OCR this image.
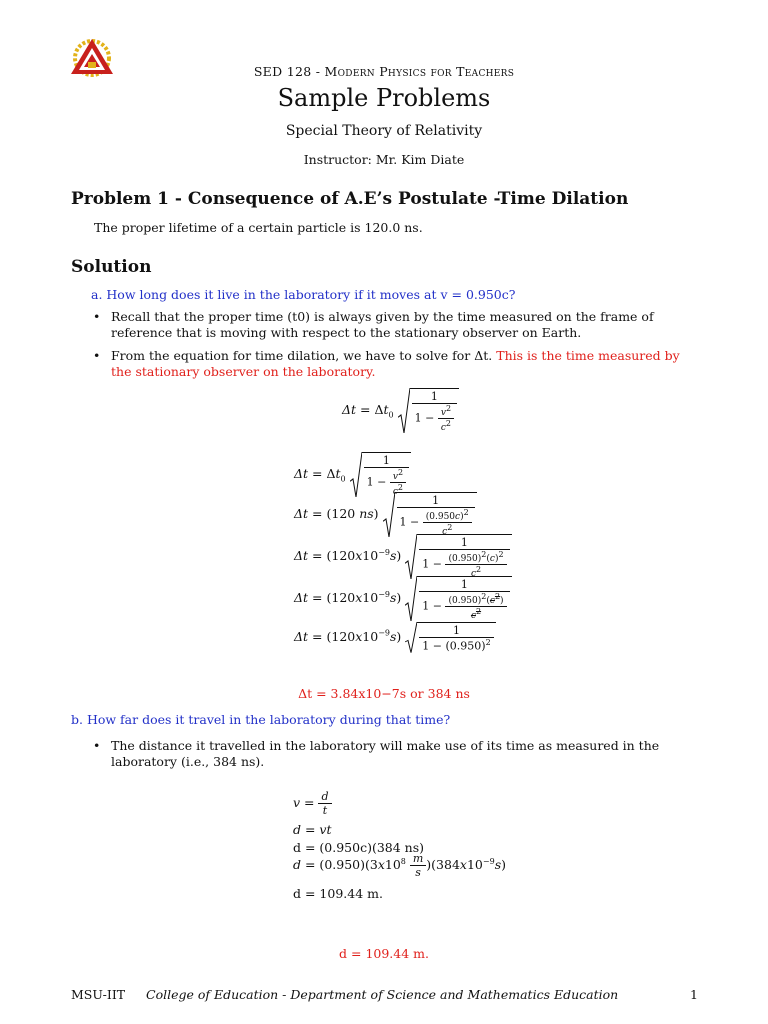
SED 128 - Modern Physics for Teachers
Sample Problems
Special Theory of Relativity
Instructor: Mr. Kim Diate
Problem 1 - Consequence of A.E’s Postulate -Time Dilation
The proper lifetime of a certain particle is 120.0 ns.
Solution
a. How long does it live in the laboratory if it moves at v = 0.950c?
• Recall that the proper time (t0) is always given by the time measured on the frame of reference that is moving with respect to the stationary observer on Earth.
• From the equation for time dilation, we have to solve for Δt. This is the time measured by the stationary observer on the laboratory.
$\Delta t = \Delta t_0 \frac{1}{1 - \frac{v^2}{c^2}}$
$\Delta t = \Delta t_0 \frac{1}{1 - \frac{v^2}{c^2}}$
Δt = (120 $ns) \frac{1}{1 - \frac{(0.950c)^2}{c^2}}$
$\Delta t = (120x10^{-9}s) \frac{1}{1 - \frac{(0.950)^2(c)^2}{c^2}}$
$\Delta t = (120x10^{-9}s) \frac{1}{1 - \frac{(0.950)^2(c^2)}{c^2}}$
$\Delta t = (120x10^{-9}s) \frac{1}{1 - (0.950)^2}$
Δt = 3.84x10−7s or 384 ns
b. How far does it travel in the laboratory during that time?
• The distance it travelled in the laboratory will make use of its time as measured in the laboratory (i.e., 384 ns).
$v = \frac{d}{t}$
d = vt
d = (0.950c)(384 ns)
$d = (0.950)(3x10^8 \frac{m}{s} )(384x10^{-9}s)$
d = 109.44 m.
d = 109.44 m.
MSU-IIT College of Education - Department of Science and Mathematics Education	1
